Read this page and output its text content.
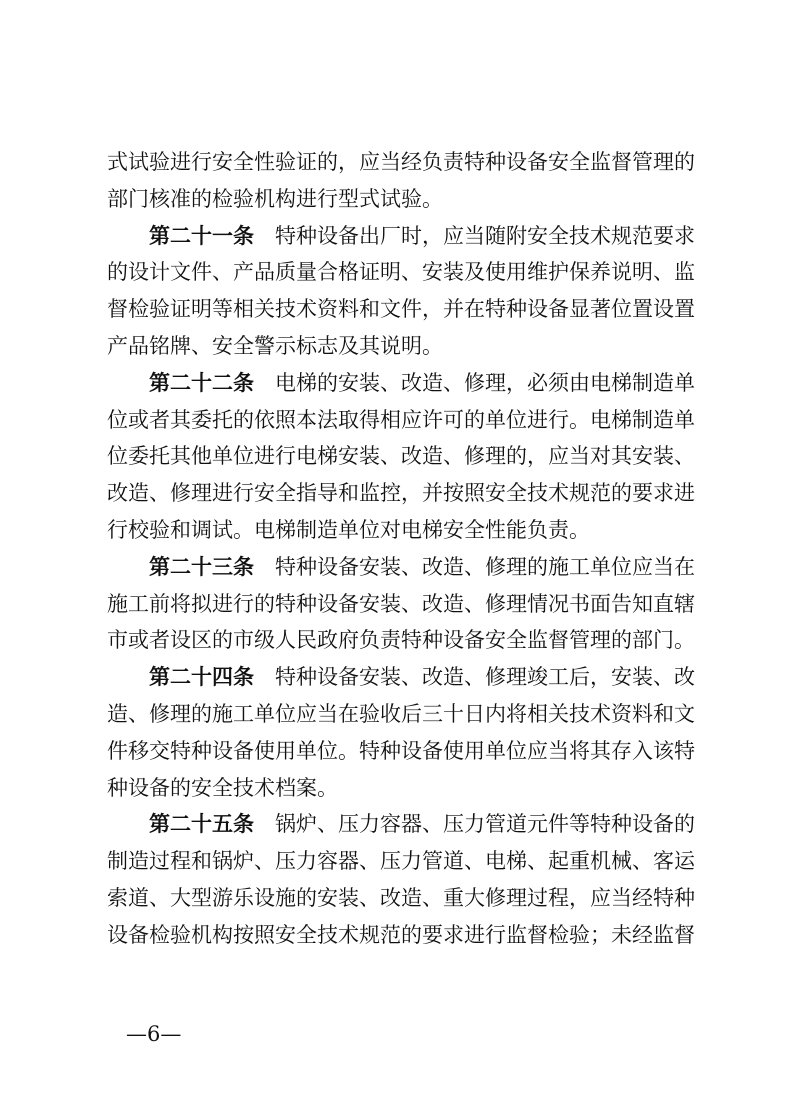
式试验进行安全性验证的，应当经负责特种设备安全监督管理的
部门核准的检验机构进行型式试验。
第二十一条 特种设备出厂时，应当随附安全技术规范要求
的设计文件、产品质量合格证明、安装及使用维护保养说明、监
督检验证明等相关技术资料和文件，并在特种设备显著位置设置
产品铭牌、安全警示标志及其说明。
第二十二条 电梯的安装、改造、修理，必须由电梯制造单
位或者其委托的依照本法取得相应许可的单位进行。电梯制造单
位委托其他单位进行电梯安装、改造、修理的，应当对其安装、
改造、修理进行安全指导和监控，并按照安全技术规范的要求进
行校验和调试。电梯制造单位对电梯安全性能负责。
第二十三条 特种设备安装、改造、修理的施工单位应当在
施工前将拟进行的特种设备安装、改造、修理情况书面告知直辖
市或者设区的市级人民政府负责特种设备安全监督管理的部门。
第二十四条 特种设备安装、改造、修理竣工后，安装、改
造、修理的施工单位应当在验收后三十日内将相关技术资料和文
件移交特种设备使用单位。特种设备使用单位应当将其存入该特
种设备的安全技术档案。
第二十五条 锅炉、压力容器、压力管道元件等特种设备的
制造过程和锅炉、压力容器、压力管道、电梯、起重机械、客运
索道、大型游乐设施的安装、改造、重大修理过程，应当经特种
设备检验机构按照安全技术规范的要求进行监督检验；未经监督
—6—
